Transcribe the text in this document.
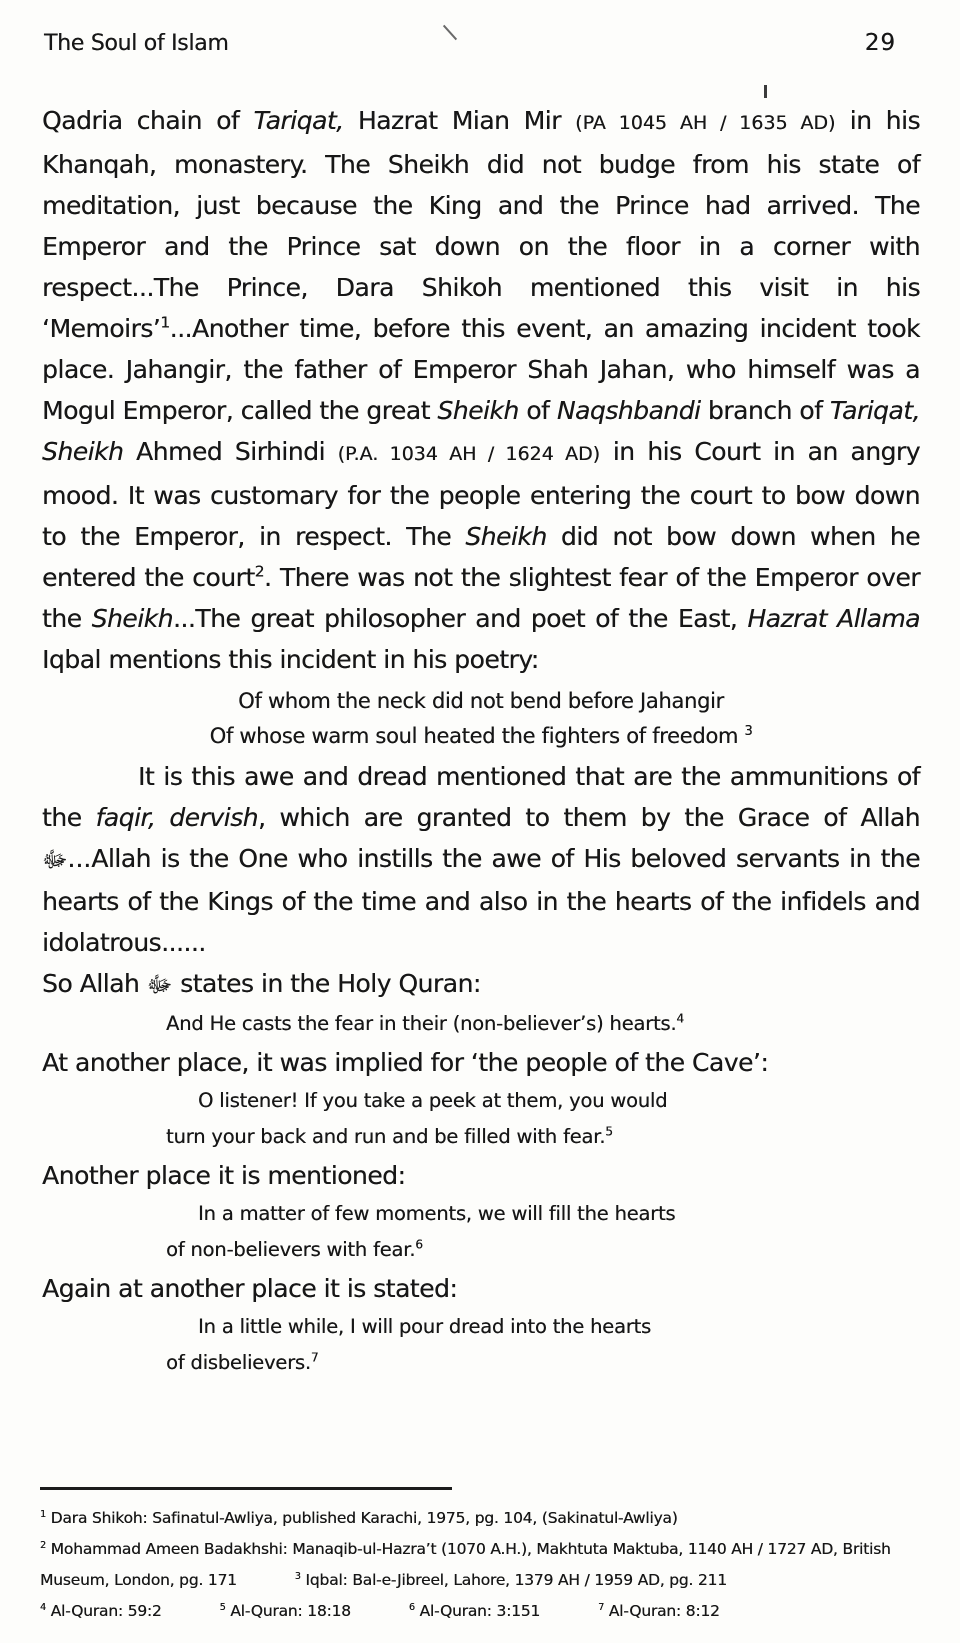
The Soul of Islam	29

Qadria chain of Tariqat, Hazrat Mian Mir (PA 1045 AH / 1635 AD) in his Khanqah, monastery. The Sheikh did not budge from his state of meditation, just because the King and the Prince had arrived. The Emperor and the Prince sat down on the floor in a corner with respect...The Prince, Dara Shikoh mentioned this visit in his ‘Memoirs’$^1$...Another time, before this event, an amazing incident took place. Jahangir, the father of Emperor Shah Jahan, who himself was a Mogul Emperor, called the great Sheikh of Naqshbandi branch of Tariqat, Sheikh Ahmed Sirhindi (P.A. 1034 AH / 1624 AD) in his Court in an angry mood. It was customary for the people entering the court to bow down to the Emperor, in respect. The Sheikh did not bow down when he entered the court$^2$. There was not the slightest fear of the Emperor over the Sheikh...The great philosopher and poet of the East, Hazrat Allama Iqbal mentions this incident in his poetry:

Of whom the neck did not bend before Jahangir
Of whose warm soul heated the fighters of freedom $^3$

It is this awe and dread mentioned that are the ammunitions of the faqir, dervish, which are granted to them by the Grace of Allah ﷻ...Allah is the One who instills the awe of His beloved servants in the hearts of the Kings of the time and also in the hearts of the infidels and idolatrous......

So Allah ﷻ states in the Holy Quran:

And He casts the fear in their (non-believer’s) hearts.$^4$

At another place, it was implied for ‘the people of the Cave’:

O listener! If you take a peek at them, you would
turn your back and run and be filled with fear.$^5$

Another place it is mentioned:

In a matter of few moments, we will fill the hearts
of non-believers with fear.$^6$

Again at another place it is stated:

In a little while, I will pour dread into the hearts
of disbelievers.$^7$

$^1$ Dara Shikoh: Safinatul-Awliya, published Karachi, 1975, pg. 104, (Sakinatul-Awliya)

$^2$ Mohammad Ameen Badakhshi: Manaqib-ul-Hazra’t (1070 A.H.), Makhtuta Maktuba, 1140 AH / 1727 AD, British Museum, London, pg. 171	$^3$ Iqbal: Bal-e-Jibreel, Lahore, 1379 AH / 1959 AD, pg. 211

$^4$ Al-Quran: 59:2	$^5$ Al-Quran: 18:18	$^6$ Al-Quran: 3:151	$^7$ Al-Quran: 8:12
